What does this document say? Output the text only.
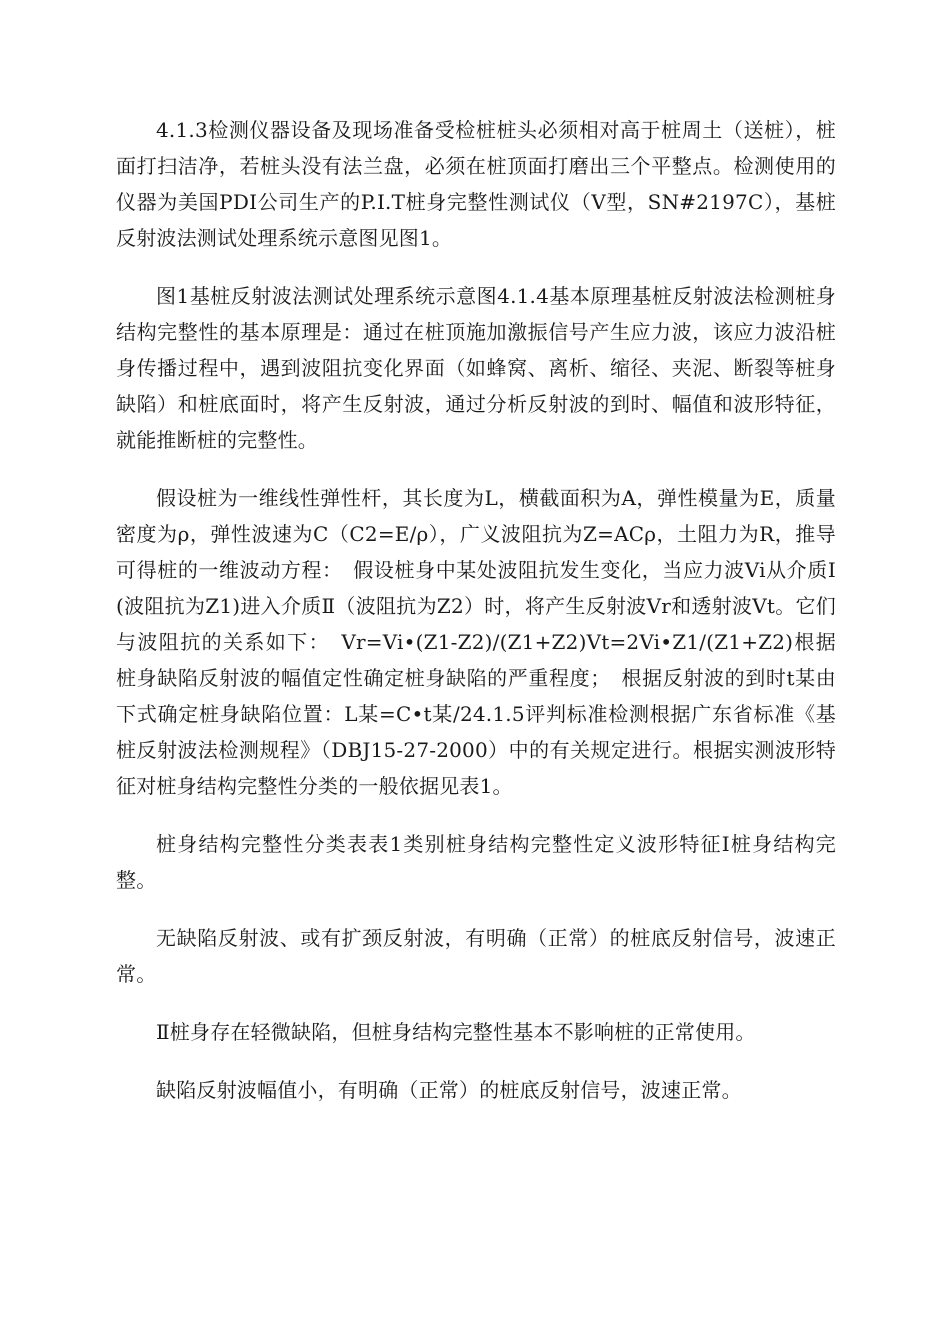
4.1.3检测仪器设备及现场准备受检桩桩头必须相对高于桩周土（送桩），桩面打扫洁净，若桩头没有法兰盘，必须在桩顶面打磨出三个平整点。检测使用的仪器为美国PDI公司生产的P.I.T桩身完整性测试仪（V型，SN#2197C），基桩反射波法测试处理系统示意图见图1。

图1基桩反射波法测试处理系统示意图4.1.4基本原理基桩反射波法检测桩身结构完整性的基本原理是：通过在桩顶施加激振信号产生应力波，该应力波沿桩身传播过程中，遇到波阻抗变化界面（如蜂窝、离析、缩径、夹泥、断裂等桩身缺陷）和桩底面时，将产生反射波，通过分析反射波的到时、幅值和波形特征，就能推断桩的完整性。

假设桩为一维线性弹性杆，其长度为L，横截面积为A，弹性模量为E，质量密度为ρ，弹性波速为C（C2=E/ρ），广义波阻抗为Z=ACρ，土阻力为R，推导可得桩的一维波动方程：　假设桩身中某处波阻抗发生变化，当应力波Vi从介质Ⅰ(波阻抗为Z1)进入介质Ⅱ（波阻抗为Z2）时，将产生反射波Vr和透射波Vt。它们与波阻抗的关系如下：　Vr=Vi•(Z1-Z2)/(Z1+Z2)Vt=2Vi•Z1/(Z1+Z2)根据桩身缺陷反射波的幅值定性确定桩身缺陷的严重程度；　根据反射波的到时t某由下式确定桩身缺陷位置：L某=C•t某/24.1.5评判标准检测根据广东省标准《基桩反射波法检测规程》（DBJ15-27-2000）中的有关规定进行。根据实测波形特征对桩身结构完整性分类的一般依据见表1。

桩身结构完整性分类表表1类别桩身结构完整性定义波形特征Ⅰ桩身结构完整。

无缺陷反射波、或有扩颈反射波，有明确（正常）的桩底反射信号，波速正常。

Ⅱ桩身存在轻微缺陷，但桩身结构完整性基本不影响桩的正常使用。

缺陷反射波幅值小，有明确（正常）的桩底反射信号，波速正常。
